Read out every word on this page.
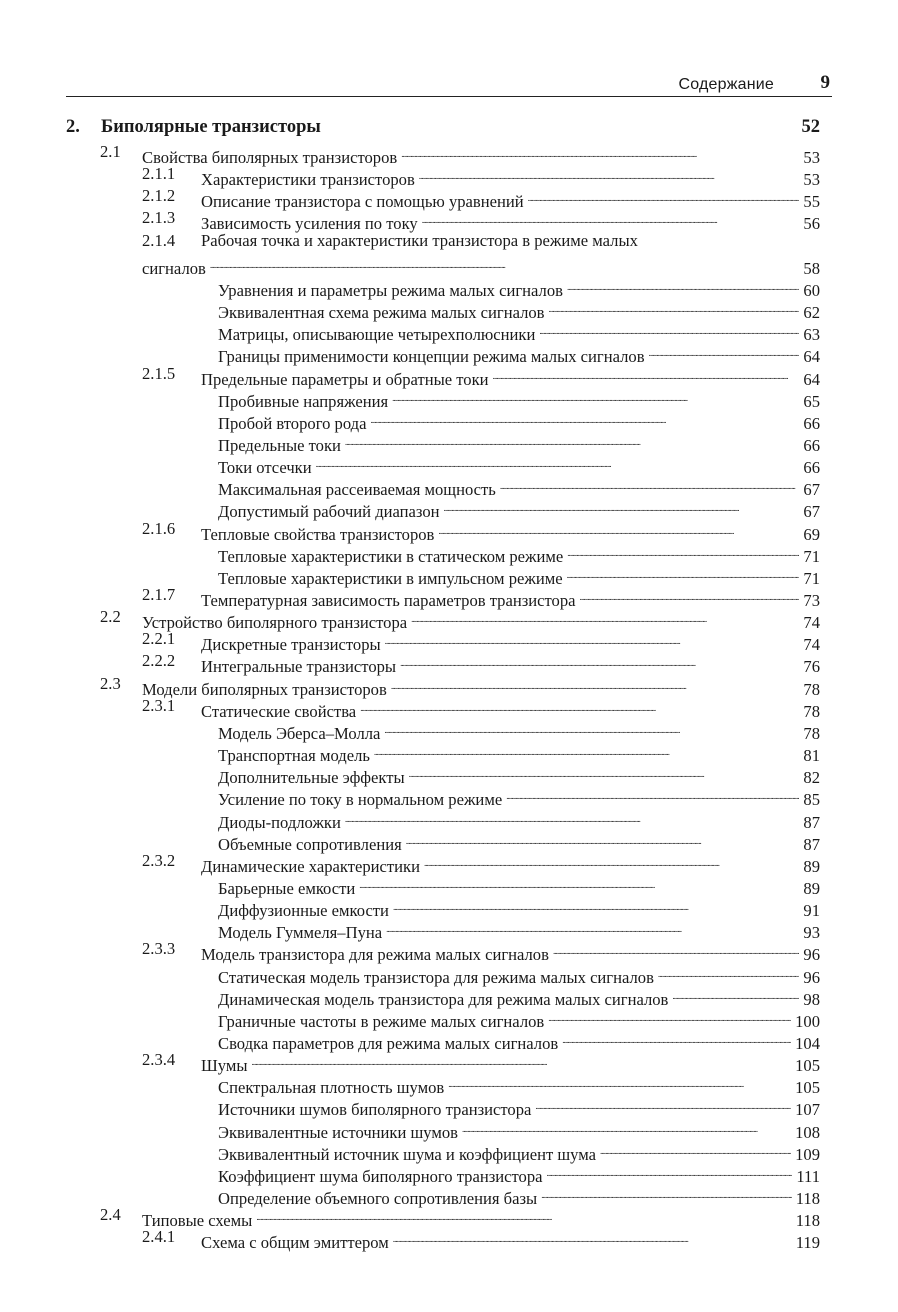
Содержание 9
2. Биполярные транзисторы	52
2.1 Свойства биполярных транзисторов . . .	53
2.1.1 Характеристики транзисторов . . .	53
2.1.2 Описание транзистора с помощью уравнений . . .	55
2.1.3 Зависимость усиления по току . . .	56
2.1.4 Рабочая точка и характеристики транзистора в режиме малых
сигналов . . .	58
Уравнения и параметры режима малых сигналов . . .	60
Эквивалентная схема режима малых сигналов . . .	62
Матрицы, описывающие четырехполюсники . . .	63
Границы применимости концепции режима малых сигналов . . .	64
2.1.5 Предельные параметры и обратные токи . . .	64
Пробивные напряжения . . .	65
Пробой второго рода . . .	66
Предельные токи . . .	66
Токи отсечки . . .	66
Максимальная рассеиваемая мощность . . .	67
Допустимый рабочий диапазон . . .	67
2.1.6 Тепловые свойства транзисторов . . .	69
Тепловые характеристики в статическом режиме . . .	71
Тепловые характеристики в импульсном режиме . . .	71
2.1.7 Температурная зависимость параметров транзистора . . .	73
2.2 Устройство биполярного транзистора . . .	74
2.2.1 Дискретные транзисторы . . .	74
2.2.2 Интегральные транзисторы . . .	76
2.3 Модели биполярных транзисторов . . .	78
2.3.1 Статические свойства . . .	78
Модель Эберса–Молла . . .	78
Транспортная модель . . .	81
Дополнительные эффекты . . .	82
Усиление по току в нормальном режиме . . .	85
Диоды-подложки . . .	87
Объемные сопротивления . . .	87
2.3.2 Динамические характеристики . . .	89
Барьерные емкости . . .	89
Диффузионные емкости . . .	91
Модель Гуммеля–Пуна . . .	93
2.3.3 Модель транзистора для режима малых сигналов . . .	96
Статическая модель транзистора для режима малых сигналов . . .	96
Динамическая модель транзистора для режима малых сигналов . . .	98
Граничные частоты в режиме малых сигналов . . .	100
Сводка параметров для режима малых сигналов . . .	104
2.3.4 Шумы . . .	105
Спектральная плотность шумов . . .	105
Источники шумов биполярного транзистора . . .	107
Эквивалентные источники шумов . . .	108
Эквивалентный источник шума и коэффициент шума . . .	109
Коэффициент шума биполярного транзистора . . .	111
Определение объемного сопротивления базы . . .	118
2.4 Типовые схемы . . .	118
2.4.1 Схема с общим эмиттером . . .	119
